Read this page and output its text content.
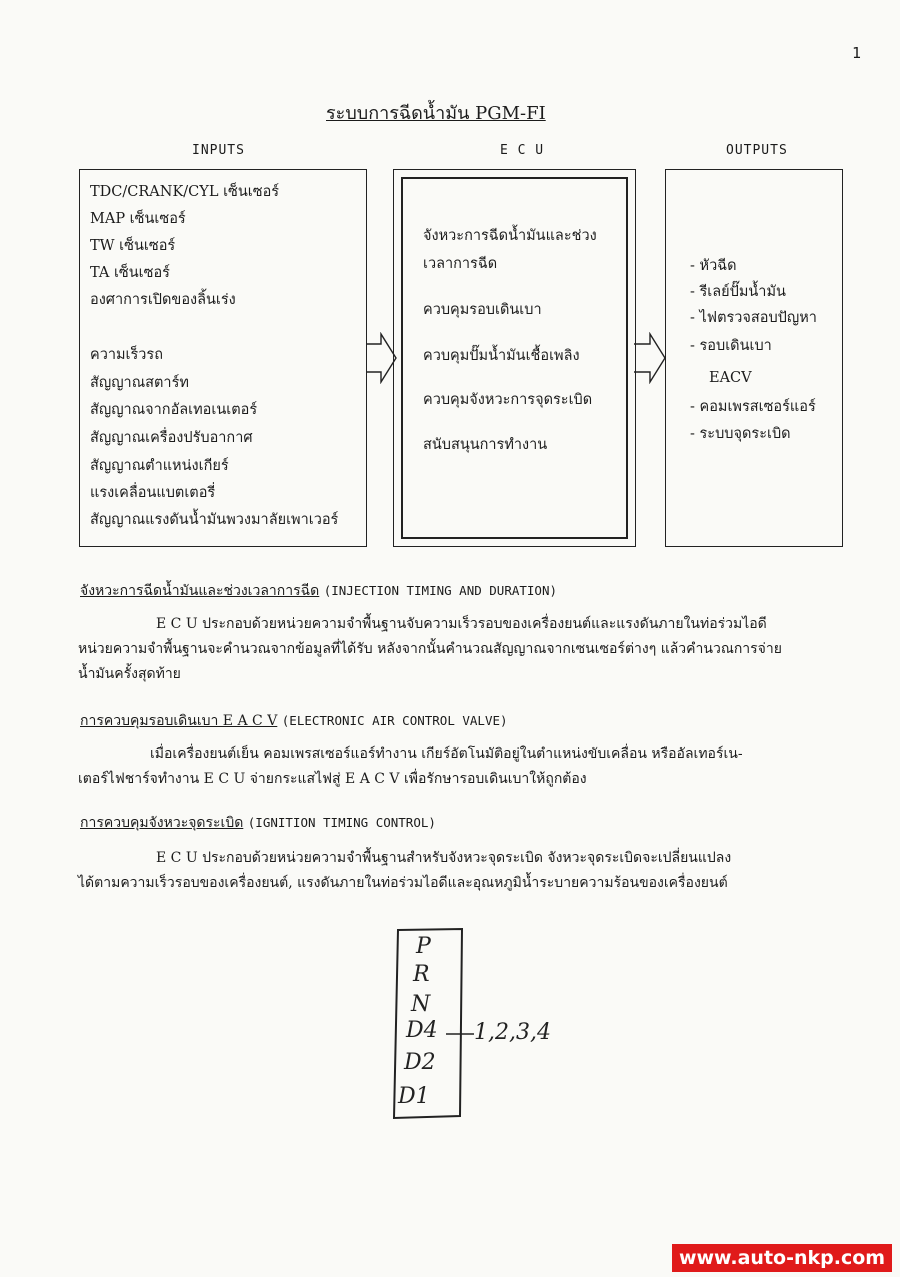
1
ระบบการฉีดน้ำมัน PGM-FI
INPUTS	E C U	OUTPUTS
TDC/CRANK/CYL เซ็นเซอร์
MAP เซ็นเซอร์
TW เซ็นเซอร์
TA เซ็นเซอร์
องศาการเปิดของลิ้นเร่ง
ความเร็วรถ
สัญญาณสตาร์ท
สัญญาณจากอัลเทอเนเตอร์
สัญญาณเครื่องปรับอากาศ
สัญญาณตำแหน่งเกียร์
แรงเคลื่อนแบตเตอรี่
สัญญาณแรงดันน้ำมันพวงมาลัยเพาเวอร์
จังหวะการฉีดน้ำมันและช่วง
เวลาการฉีด
ควบคุมรอบเดินเบา
ควบคุมปั๊มน้ำมันเชื้อเพลิง
ควบคุมจังหวะการจุดระเบิด
สนับสนุนการทำงาน
- หัวฉีด
- รีเลย์ปั๊มน้ำมัน
- ไฟตรวจสอบปัญหา
- รอบเดินเบา
EACV
- คอมเพรสเซอร์แอร์
- ระบบจุดระเบิด
จังหวะการฉีดน้ำมันและช่วงเวลาการฉีด (INJECTION TIMING AND DURATION)

E C U ประกอบด้วยหน่วยความจำพื้นฐานจับความเร็วรอบของเครื่องยนต์และแรงดันภายในท่อร่วมไอดี

หน่วยความจำพื้นฐานจะคำนวณจากข้อมูลที่ได้รับ หลังจากนั้นคำนวณสัญญาณจากเซนเซอร์ต่างๆ แล้วคำนวณการจ่าย

น้ำมันครั้งสุดท้าย

การควบคุมรอบเดินเบา E A C V (ELECTRONIC AIR CONTROL VALVE)

เมื่อเครื่องยนต์เย็น คอมเพรสเซอร์แอร์ทำงาน เกียร์อัตโนมัติอยู่ในตำแหน่งขับเคลื่อน หรืออัลเทอร์เน-

เตอร์ไฟชาร์จทำงาน E C U จ่ายกระแสไฟสู่ E A C V เพื่อรักษารอบเดินเบาให้ถูกต้อง

การควบคุมจังหวะจุดระเบิด (IGNITION TIMING CONTROL)

E C U ประกอบด้วยหน่วยความจำพื้นฐานสำหรับจังหวะจุดระเบิด จังหวะจุดระเบิดจะเปลี่ยนแปลง

ได้ตามความเร็วรอบของเครื่องยนต์, แรงดันภายในท่อร่วมไอดีและอุณหภูมิน้ำระบายความร้อนของเครื่องยนต์

P
R
N
D4
D2
D1
1,2,3,4
www.auto-nkp.com
